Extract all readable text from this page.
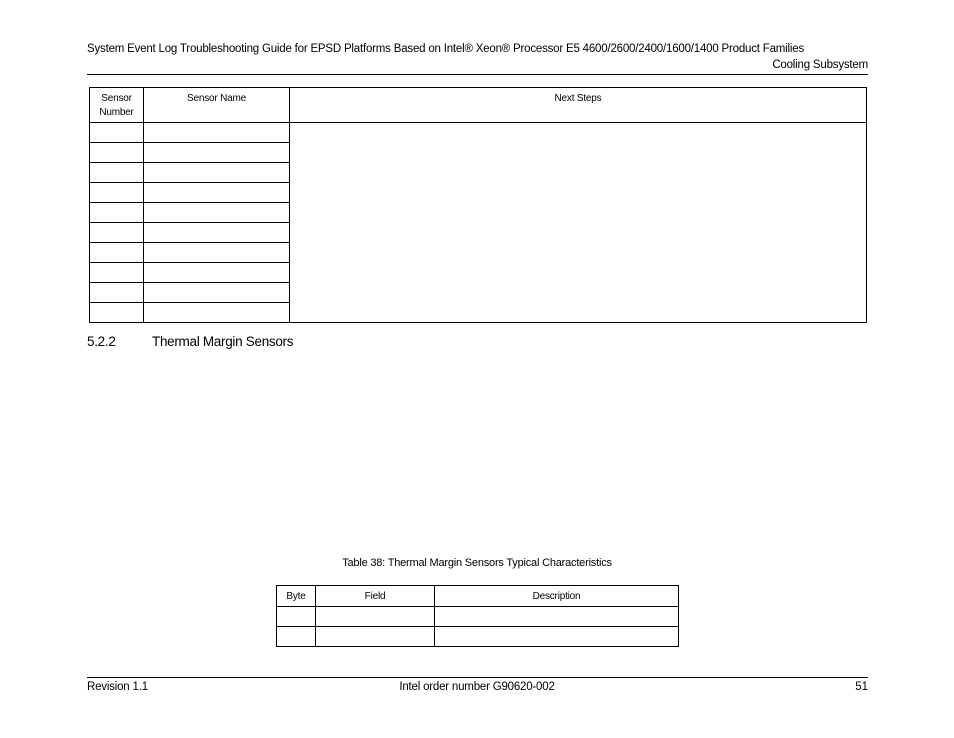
System Event Log Troubleshooting Guide for EPSD Platforms Based on Intel® Xeon® Processor E5 4600/2600/2400/1600/1400 Product Families
Cooling Subsystem
Sensor Number	Sensor Name	Next Steps

5.2.2	Thermal Margin Sensors
Table 38: Thermal Margin Sensors Typical Characteristics
Byte	Field	Description

Revision 1.1	Intel order number G90620-002	51
